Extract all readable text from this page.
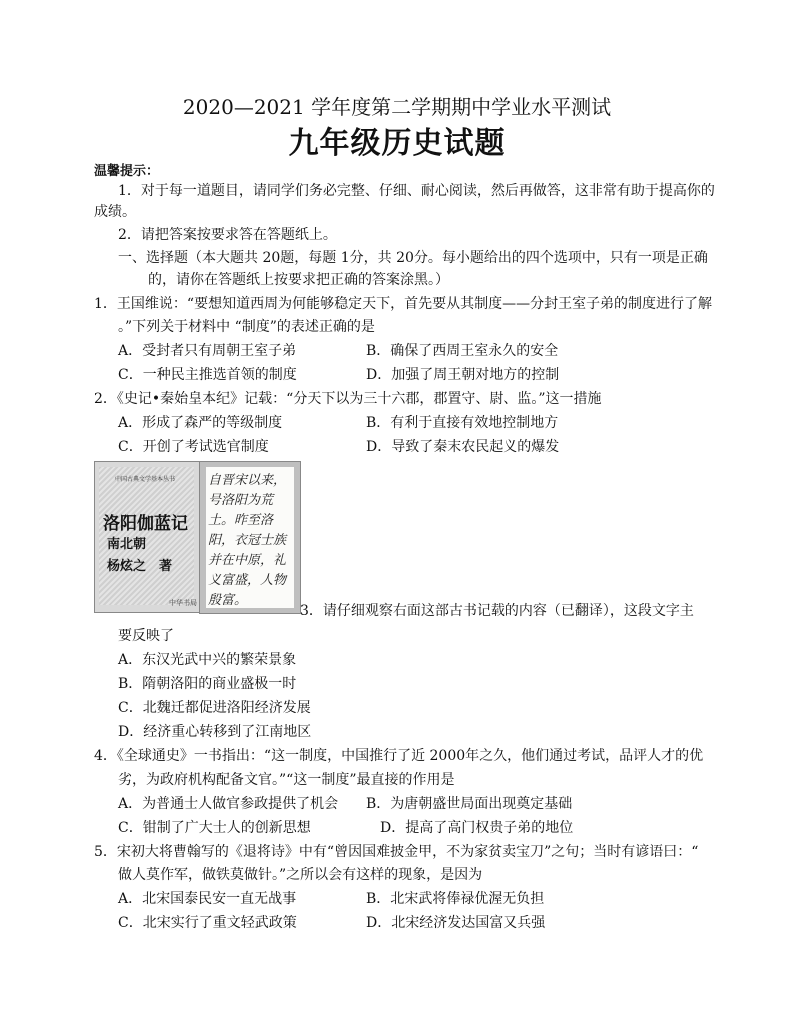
2020—2021 学年度第二学期期中学业水平测试
九年级历史试题
温馨提示：
1．对于每一道题目，请同学们务必完整、仔细、耐心阅读，然后再做答，这非常有助于提高你的
成绩。
2．请把答案按要求答在答题纸上。
一、选择题（本大题共 20题，每题 1分，共 20分。每小题给出的四个选项中，只有一项是正确
的，请你在答题纸上按要求把正确的答案涂黑。）
1．王国维说：“要想知道西周为何能够稳定天下，首先要从其制度——分封王室子弟的制度进行了解
。”下列关于材料中 “制度”的表述正确的是
A．受封者只有周朝王室子弟	B．确保了西周王室永久的安全
C．一种民主推选首领的制度	D．加强了周王朝对地方的控制
2．《史记•秦始皇本纪》记载：“分天下以为三十六郡，郡置守、尉、监。”这一措施
A．形成了森严的等级制度	B．有利于直接有效地控制地方
C．开创了考试选官制度	D．导致了秦末农民起义的爆发
中国古典文学基本丛书
洛阳伽蓝记
南北朝
杨炫之　著
中华书局
自晋宋以来，
号洛阳为荒
土。昨至洛
阳，衣冠士族
并在中原，礼
义富盛，人物
殷富。
3．请仔细观察右面这部古书记载的内容（已翻译），这段文字主
要反映了
A．东汉光武中兴的繁荣景象
B．隋朝洛阳的商业盛极一时
C．北魏迁都促进洛阳经济发展
D．经济重心转移到了江南地区
4．《全球通史》一书指出：“这一制度，中国推行了近 2000年之久，他们通过考试，品评人才的优
劣，为政府机构配备文官。”“这一制度”最直接的作用是
A．为普通士人做官参政提供了机会 B．为唐朝盛世局面出现奠定基础
C．钳制了广大士人的创新思想	D．提高了高门权贵子弟的地位
5．宋初大将曹翰写的《退将诗》中有“曾因国难披金甲，不为家贫卖宝刀”之句；当时有谚语曰：“
做人莫作军，做铁莫做针。”之所以会有这样的现象，是因为
A．北宋国泰民安一直无战事	B．北宋武将俸禄优渥无负担
C．北宋实行了重文轻武政策	D．北宋经济发达国富又兵强
